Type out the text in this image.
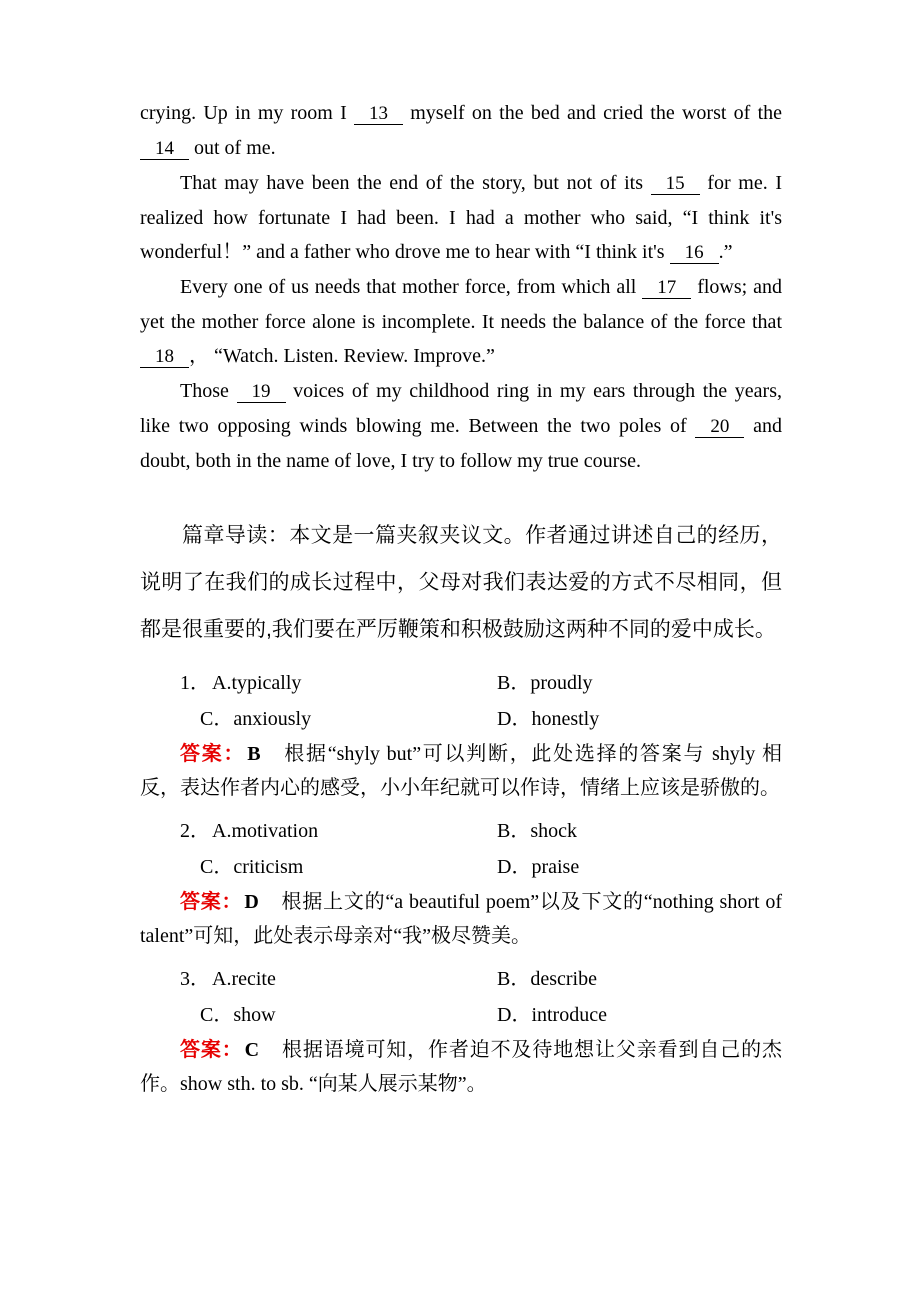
crying. Up in my room I 13 myself on the bed and cried the worst of the 14 out of me.

That may have been the end of the story, but not of its 15 for me. I realized how fortunate I had been. I had a mother who said, “I think it's wonderful！” and a father who drove me to hear with “I think it's 16 .”

Every one of us needs that mother force, from which all 17 flows; and yet the mother force alone is incomplete. It needs the balance of the force that 18 ， “Watch. Listen. Review. Improve.”

Those 19 voices of my childhood ring in my ears through the years, like two opposing winds blowing me. Between the two poles of 20 and doubt, both in the name of love, I try to follow my true course.

篇章导读：本文是一篇夹叙夹议文。作者通过讲述自己的经历，说明了在我们的成长过程中，父母对我们表达爱的方式不尽相同，但都是很重要的,我们要在严厉鞭策和积极鼓励这两种不同的爱中成长。

1． A.typically	B．proudly
C．anxiously	D．honestly

答案： B 根据“shyly but”可以判断，此处选择的答案与 shyly 相反，表达作者内心的感受，小小年纪就可以作诗，情绪上应该是骄傲的。

2． A.motivation	B．shock
C．criticism	D．praise

答案： D 根据上文的“a beautiful poem”以及下文的“nothing short of talent”可知，此处表示母亲对“我”极尽赞美。

3． A.recite	B．describe
C．show	D．introduce

答案： C 根据语境可知，作者迫不及待地想让父亲看到自己的杰作。show sth. to sb. “向某人展示某物”。
